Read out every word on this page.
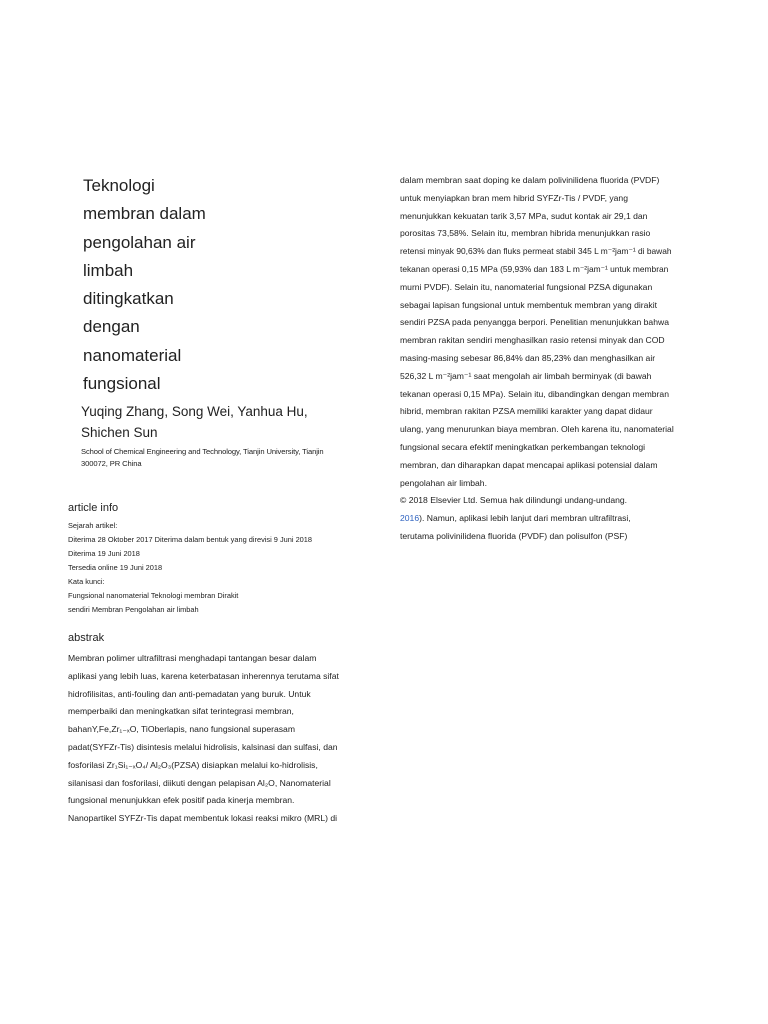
Teknologi
membran dalam
pengolahan air
limbah
ditingkatkan
dengan
nanomaterial
fungsional
Yuqing Zhang, Song Wei, Yanhua Hu,
Shichen Sun
School of Chemical Engineering and Technology, Tianjin University, Tianjin
300072, PR China
article info
Sejarah artikel:
Diterima 28 Oktober 2017 Diterima dalam bentuk yang direvisi 9 Juni 2018
Diterima 19 Juni 2018
Tersedia online 19 Juni 2018
Kata kunci:
Fungsional nanomaterial Teknologi membran Dirakit
sendiri Membran Pengolahan air limbah
abstrak
Membran polimer ultrafiltrasi menghadapi tantangan besar dalam
aplikasi yang lebih luas, karena keterbatasan inherennya terutama sifat
hidrofilisitas, anti-fouling dan anti-pemadatan yang buruk. Untuk
memperbaiki dan meningkatkan sifat terintegrasi membran,
bahanY,Fe,Zr₁₋ₓO, TiOberlapis, nano fungsional superasam
padat(SYFZr-Tis) disintesis melalui hidrolisis, kalsinasi dan sulfasi, dan
fosforilasi Zr₁Si₁₋ₓO₄/ Al₂O₃(PZSA) disiapkan melalui ko-hidrolisis,
silanisasi dan fosforilasi, diikuti dengan pelapisan Al₂O, Nanomaterial
fungsional menunjukkan efek positif pada kinerja membran.
Nanopartikel SYFZr-Tis dapat membentuk lokasi reaksi mikro (MRL) di
dalam membran saat doping ke dalam polivinilidena fluorida (PVDF)
untuk menyiapkan bran mem hibrid SYFZr-Tis / PVDF, yang
menunjukkan kekuatan tarik 3,57 MPa, sudut kontak air 29,1 dan
porositas 73,58%. Selain itu, membran hibrida menunjukkan rasio
retensi minyak 90,63% dan fluks permeat stabil 345 L m⁻²jam⁻¹ di bawah
tekanan operasi 0,15 MPa (59,93% dan 183 L m⁻²jam⁻¹ untuk membran
murni PVDF). Selain itu, nanomaterial fungsional PZSA digunakan
sebagai lapisan fungsional untuk membentuk membran yang dirakit
sendiri PZSA pada penyangga berpori. Penelitian menunjukkan bahwa
membran rakitan sendiri menghasilkan rasio retensi minyak dan COD
masing-masing sebesar 86,84% dan 85,23% dan menghasilkan air
526,32 L m⁻²jam⁻¹ saat mengolah air limbah berminyak (di bawah
tekanan operasi 0,15 MPa). Selain itu, dibandingkan dengan membran
hibrid, membran rakitan PZSA memiliki karakter yang dapat didaur
ulang, yang menurunkan biaya membran. Oleh karena itu, nanomaterial
fungsional secara efektif meningkatkan perkembangan teknologi
membran, dan diharapkan dapat mencapai aplikasi potensial dalam
pengolahan air limbah.
© 2018 Elsevier Ltd. Semua hak dilindungi undang-undang.
2016). Namun, aplikasi lebih lanjut dari membran ultrafiltrasi,
terutama polivinilidena fluorida (PVDF) dan polisulfon (PSF)
